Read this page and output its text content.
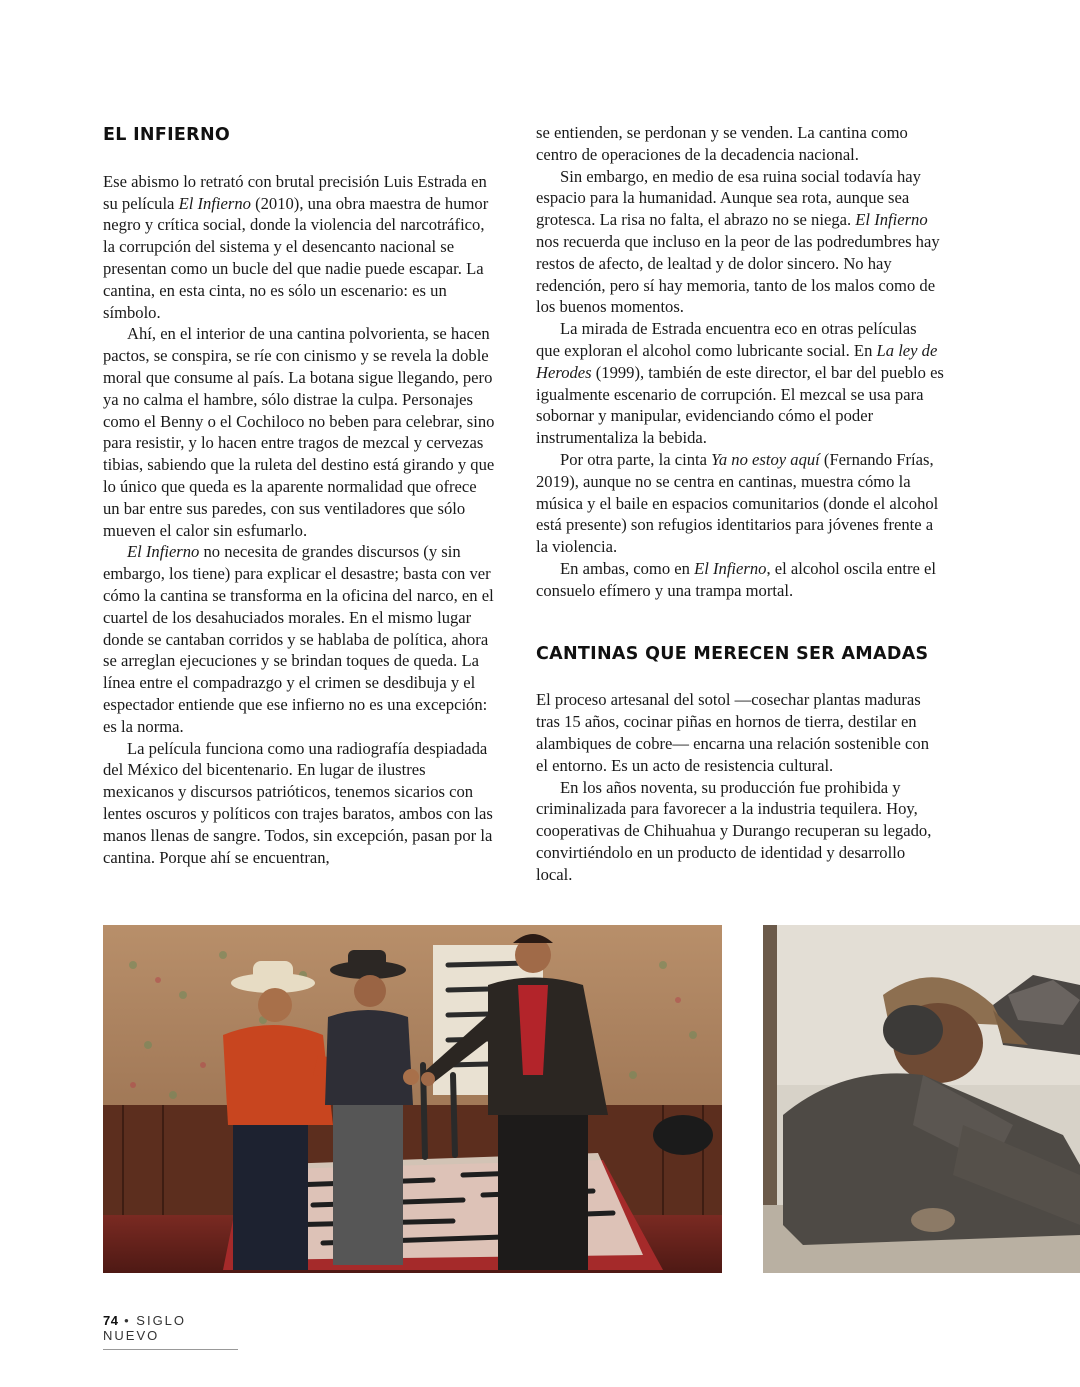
EL INFIERNO

Ese abismo lo retrató con brutal precisión Luis Estrada en su película El Infierno (2010), una obra maestra de humor negro y crítica social, donde la violencia del narcotráfico, la corrupción del sistema y el desencanto nacional se presentan como un bucle del que nadie puede escapar. La cantina, en esta cinta, no es sólo un escenario: es un símbolo.

Ahí, en el interior de una cantina polvorienta, se hacen pactos, se conspira, se ríe con cinismo y se revela la doble moral que consume al país. La botana sigue llegando, pero ya no calma el hambre, sólo distrae la culpa. Personajes como el Benny o el Cochiloco no beben para celebrar, sino para resistir, y lo hacen entre tragos de mezcal y cervezas tibias, sabiendo que la ruleta del destino está girando y que lo único que queda es la aparente normalidad que ofrece un bar entre sus paredes, con sus ventiladores que sólo mueven el calor sin esfumarlo.

El Infierno no necesita de grandes discursos (y sin embargo, los tiene) para explicar el desastre; basta con ver cómo la cantina se transforma en la oficina del narco, en el cuartel de los desahuciados morales. En el mismo lugar donde se cantaban corridos y se hablaba de política, ahora se arreglan ejecuciones y se brindan toques de queda. La línea entre el compadrazgo y el crimen se desdibuja y el espectador entiende que ese infierno no es una excepción: es la norma.

La película funciona como una radiografía despiadada del México del bicentenario. En lugar de ilustres mexicanos y discursos patrióticos, tenemos sicarios con lentes oscuros y políticos con trajes baratos, ambos con las manos llenas de sangre. Todos, sin excepción, pasan por la cantina. Porque ahí se encuentran,

se entienden, se perdonan y se venden. La cantina como centro de operaciones de la decadencia nacional.

Sin embargo, en medio de esa ruina social todavía hay espacio para la humanidad. Aunque sea rota, aunque sea grotesca. La risa no falta, el abrazo no se niega. El Infierno nos recuerda que incluso en la peor de las podredumbres hay restos de afecto, de lealtad y de dolor sincero. No hay redención, pero sí hay memoria, tanto de los malos como de los buenos momentos.

La mirada de Estrada encuentra eco en otras películas que exploran el alcohol como lubricante social. En La ley de Herodes (1999), también de este director, el bar del pueblo es igualmente escenario de corrupción. El mezcal se usa para sobornar y manipular, evidenciando cómo el poder instrumentaliza la bebida.

Por otra parte, la cinta Ya no estoy aquí (Fernando Frías, 2019), aunque no se centra en cantinas, muestra cómo la música y el baile en espacios comunitarios (donde el alcohol está presente) son refugios identitarios para jóvenes frente a la violencia.

En ambas, como en El Infierno, el alcohol oscila entre el consuelo efímero y una trampa mortal.

CANTINAS QUE MERECEN SER AMADAS

El proceso artesanal del sotol —cosechar plantas maduras tras 15 años, cocinar piñas en hornos de tierra, destilar en alambiques de cobre— encarna una relación sostenible con el entorno. Es un acto de resistencia cultural.

En los años noventa, su producción fue prohibida y criminalizada para favorecer a la industria tequilera. Hoy, cooperativas de Chihuahua y Durango recuperan su legado, convirtiéndolo en un producto de identidad y desarrollo local.

74 • SIGLO NUEVO
